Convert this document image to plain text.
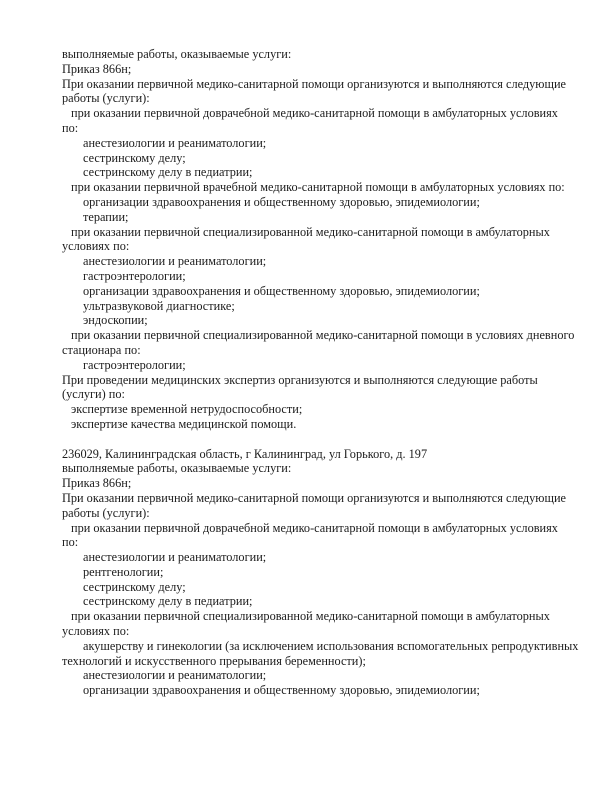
выполняемые работы, оказываемые услуги:
Приказ 866н;
При оказании первичной медико-санитарной помощи организуются и выполняются следующие
работы (услуги):
при оказании первичной доврачебной медико-санитарной помощи в амбулаторных условиях
по:
анестезиологии и реаниматологии;
сестринскому делу;
сестринскому делу в педиатрии;
при оказании первичной врачебной медико-санитарной помощи в амбулаторных условиях по:
организации здравоохранения и общественному здоровью, эпидемиологии;
терапии;
при оказании первичной специализированной медико-санитарной помощи в амбулаторных
условиях по:
анестезиологии и реаниматологии;
гастроэнтерологии;
организации здравоохранения и общественному здоровью, эпидемиологии;
ультразвуковой диагностике;
эндоскопии;
при оказании первичной специализированной медико-санитарной помощи в условиях дневного
стационара по:
гастроэнтерологии;
При проведении медицинских экспертиз организуются и выполняются следующие работы
(услуги) по:
экспертизе временной нетрудоспособности;
экспертизе качества медицинской помощи.
236029, Калининградская область, г Калининград, ул Горького, д. 197
выполняемые работы, оказываемые услуги:
Приказ 866н;
При оказании первичной медико-санитарной помощи организуются и выполняются следующие
работы (услуги):
при оказании первичной доврачебной медико-санитарной помощи в амбулаторных условиях
по:
анестезиологии и реаниматологии;
рентгенологии;
сестринскому делу;
сестринскому делу в педиатрии;
при оказании первичной специализированной медико-санитарной помощи в амбулаторных
условиях по:
акушерству и гинекологии (за исключением использования вспомогательных репродуктивных
технологий и искусственного прерывания беременности);
анестезиологии и реаниматологии;
организации здравоохранения и общественному здоровью, эпидемиологии;
